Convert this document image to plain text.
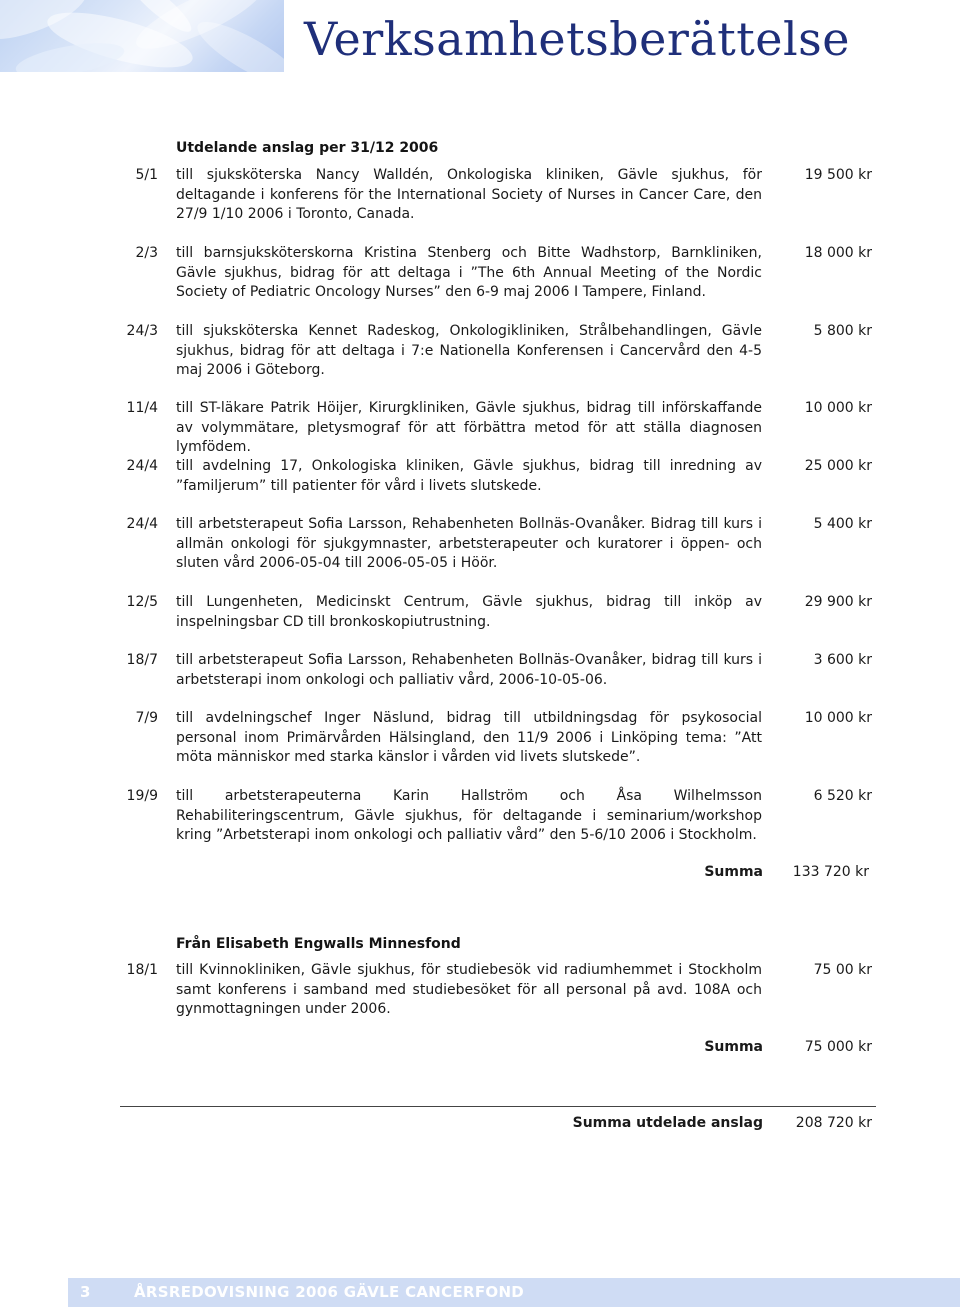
Verksamhetsberättelse
Utdelande anslag per 31/12 2006
5/1 till sjuksköterska Nancy Walldén, Onkologiska kliniken, Gävle sjukhus, för deltagande i konferens för the International Society of Nurses in Cancer Care, den 27/9 1/10 2006 i Toronto, Canada.
19 500 kr
2/3 till barnsjuksköterskorna Kristina Stenberg och Bitte Wadhstorp, Barnkliniken, Gävle sjukhus, bidrag för att deltaga i ”The 6th Annual Meeting of the Nordic Society of Pediatric Oncology Nurses” den 6-9 maj 2006 I Tampere, Finland.
18 000 kr
24/3 till sjuksköterska Kennet Radeskog, Onkologikliniken, Strålbehandlingen, Gävle sjukhus, bidrag för att deltaga i 7:e Nationella Konferensen i Cancervård den 4-5 maj 2006 i Göteborg.
5 800 kr
11/4 till ST-läkare Patrik Höijer, Kirurgkliniken, Gävle sjukhus, bidrag till införskaffande av volymmätare, pletysmograf för att förbättra metod för att ställa diagnosen lymfödem.
10 000 kr
24/4 till avdelning 17, Onkologiska kliniken, Gävle sjukhus, bidrag till inredning av ”familjerum” till patienter för vård i livets slutskede.
25 000 kr
24/4 till arbetsterapeut Sofia Larsson, Rehabenheten Bollnäs-Ovanåker. Bidrag till kurs i allmän onkologi för sjukgymnaster, arbetsterapeuter och kuratorer i öppen- och sluten vård 2006-05-04 till 2006-05-05 i Höör.
5 400 kr
12/5 till Lungenheten, Medicinskt Centrum, Gävle sjukhus, bidrag till inköp av inspelningsbar CD till bronkoskopiutrustning.
29 900 kr
18/7 till arbetsterapeut Sofia Larsson, Rehabenheten Bollnäs-Ovanåker, bidrag till kurs i arbetsterapi inom onkologi och palliativ vård, 2006-10-05-06.
3 600 kr
7/9 till avdelningschef Inger Näslund, bidrag till utbildningsdag för psykosocial personal inom Primärvården Hälsingland, den 11/9 2006 i Linköping tema: ”Att möta människor med starka känslor i vården vid livets slutskede”.
10 000 kr
19/9 till arbetsterapeuterna Karin Hallström och Åsa Wilhelmsson Rehabiliteringscentrum, Gävle sjukhus, för deltagande i seminarium/workshop kring ”Arbetsterapi inom onkologi och palliativ vård” den 5-6/10 2006 i Stockholm.
6 520 kr
Summa 133 720 kr
Från Elisabeth Engwalls Minnesfond
18/1 till Kvinnokliniken, Gävle sjukhus, för studiebesök vid radiumhemmet i Stockholm samt konferens i samband med studiebesöket för all personal på avd. 108A och gynmottagningen under 2006.
75 00 kr
Summa	75 000 kr
Summa utdelade anslag 208 720 kr
3	ÅRSREDOVISNING 2006 GÄVLE CANCERFOND
